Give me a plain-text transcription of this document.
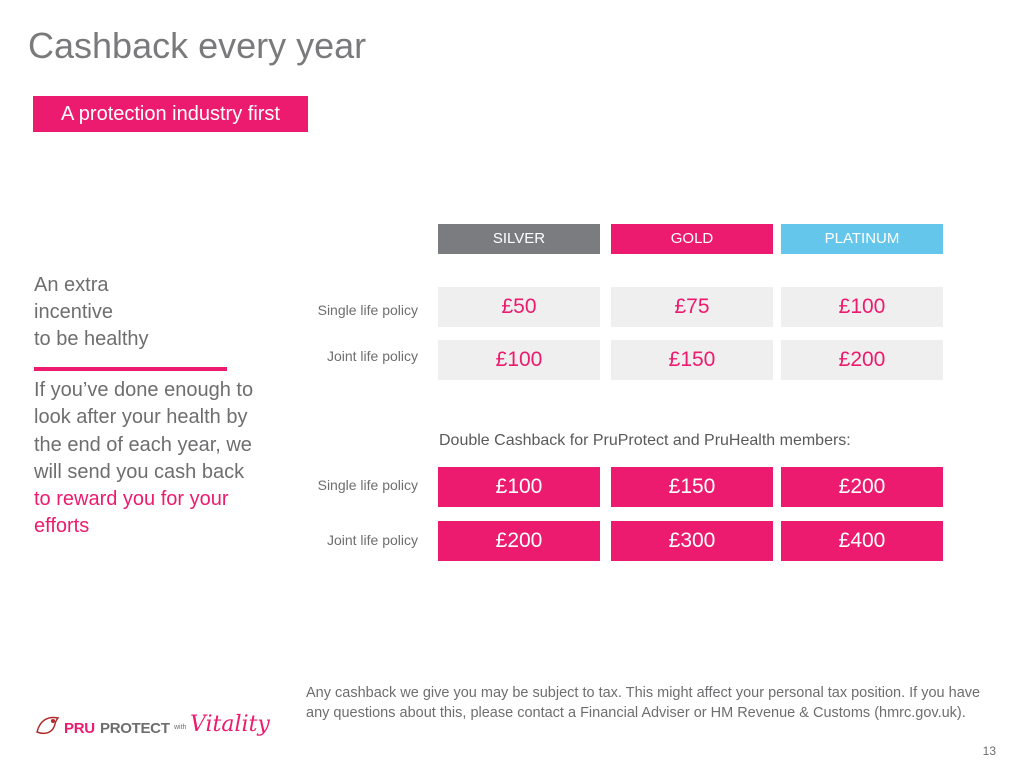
Cashback every year
A protection industry first
An extra
incentive
to be healthy
If you’ve done enough to look after your health by the end of each year, we will send you cash back to reward you for your efforts
SILVER	GOLD	PLATINUM
Single life policy	£50	£75	£100
Joint life policy	£100	£150	£200
Double Cashback for PruProtect and PruHealth members:
Single life policy	£100	£150	£200
Joint life policy	£200	£300	£400
PRU PROTECT with Vitality
Any cashback we give you may be subject to tax. This might affect your personal tax position. If you have any questions about this, please contact a Financial Adviser or HM Revenue & Customs (hmrc.gov.uk).
13
